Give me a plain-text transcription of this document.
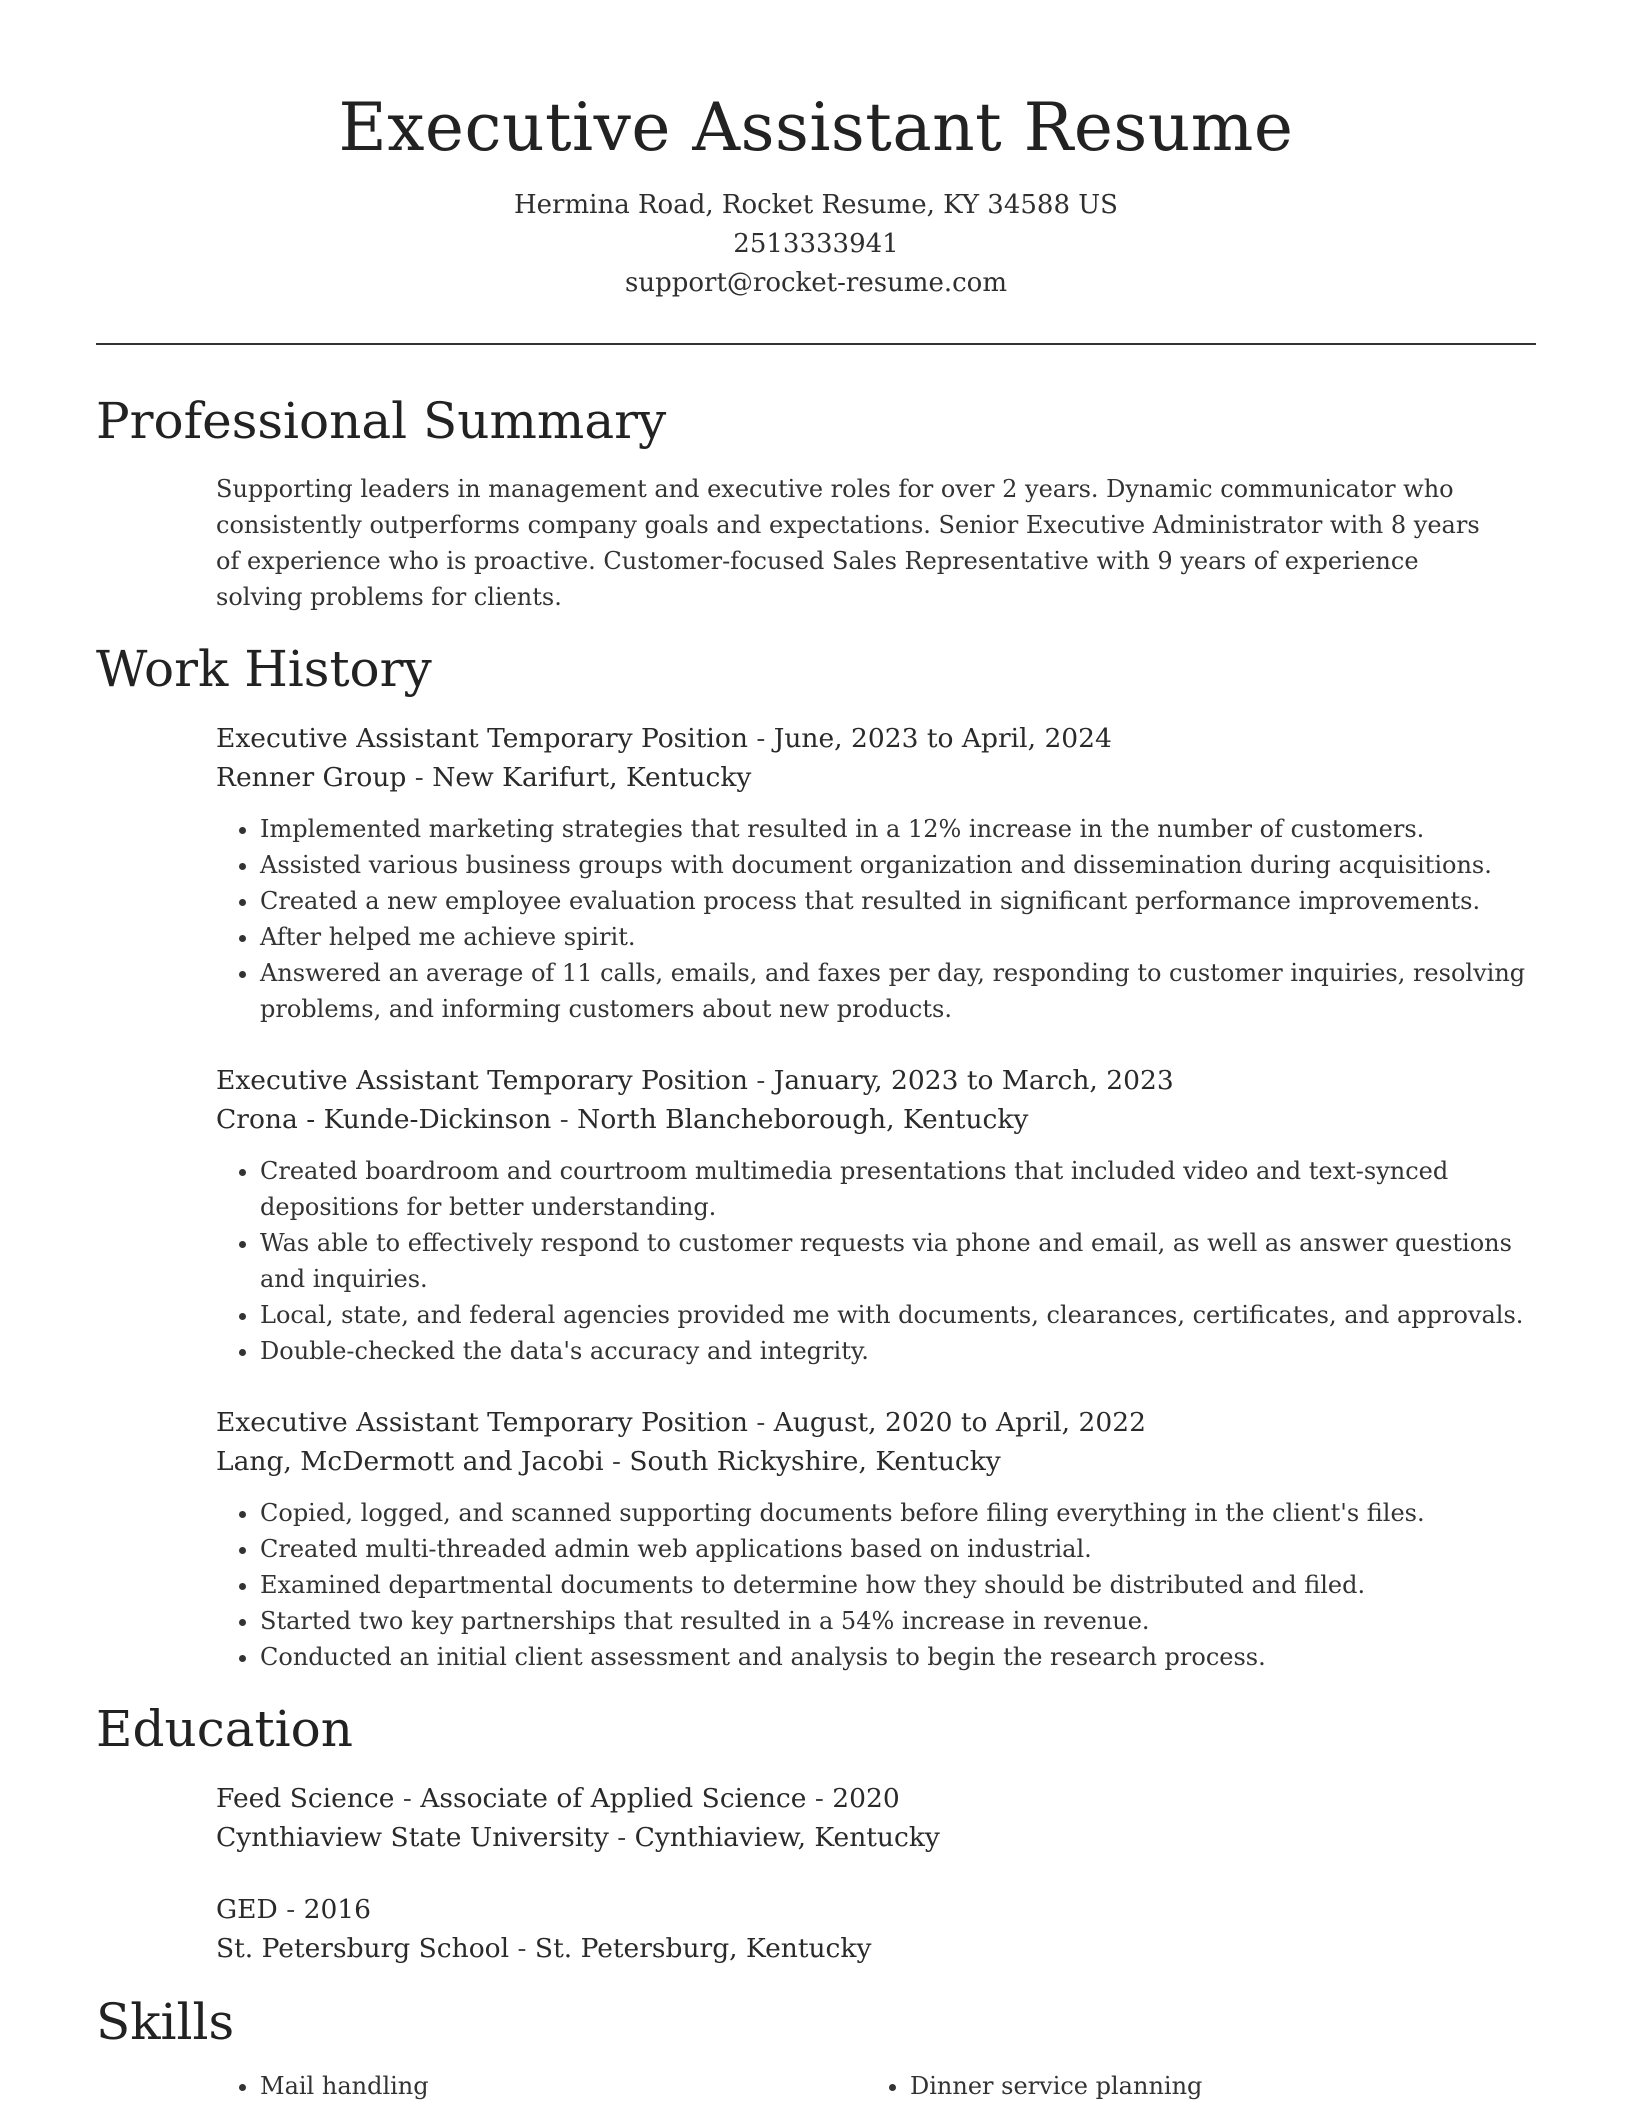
Executive Assistant Resume
Hermina Road, Rocket Resume, KY 34588 US
2513333941
support@rocket-resume.com
Professional Summary
Supporting leaders in management and executive roles for over 2 years. Dynamic communicator who consistently outperforms company goals and expectations. Senior Executive Administrator with 8 years of experience who is proactive. Customer-focused Sales Representative with 9 years of experience solving problems for clients.
Work History
Executive Assistant Temporary Position - June, 2023 to April, 2024
Renner Group - New Karifurt, Kentucky
• Implemented marketing strategies that resulted in a 12% increase in the number of customers.
• Assisted various business groups with document organization and dissemination during acquisitions.
• Created a new employee evaluation process that resulted in significant performance improvements.
• After helped me achieve spirit.
• Answered an average of 11 calls, emails, and faxes per day, responding to customer inquiries, resolving problems, and informing customers about new products.
Executive Assistant Temporary Position - January, 2023 to March, 2023
Crona - Kunde-Dickinson - North Blancheborough, Kentucky
• Created boardroom and courtroom multimedia presentations that included video and text-synced depositions for better understanding.
• Was able to effectively respond to customer requests via phone and email, as well as answer questions and inquiries.
• Local, state, and federal agencies provided me with documents, clearances, certificates, and approvals.
• Double-checked the data's accuracy and integrity.
Executive Assistant Temporary Position - August, 2020 to April, 2022
Lang, McDermott and Jacobi - South Rickyshire, Kentucky
• Copied, logged, and scanned supporting documents before filing everything in the client's files.
• Created multi-threaded admin web applications based on industrial.
• Examined departmental documents to determine how they should be distributed and filed.
• Started two key partnerships that resulted in a 54% increase in revenue.
• Conducted an initial client assessment and analysis to begin the research process.
Education
Feed Science - Associate of Applied Science - 2020
Cynthiaview State University - Cynthiaview, Kentucky
GED - 2016
St. Petersburg School - St. Petersburg, Kentucky
Skills
• Mail handling
•	Dinner service planning
